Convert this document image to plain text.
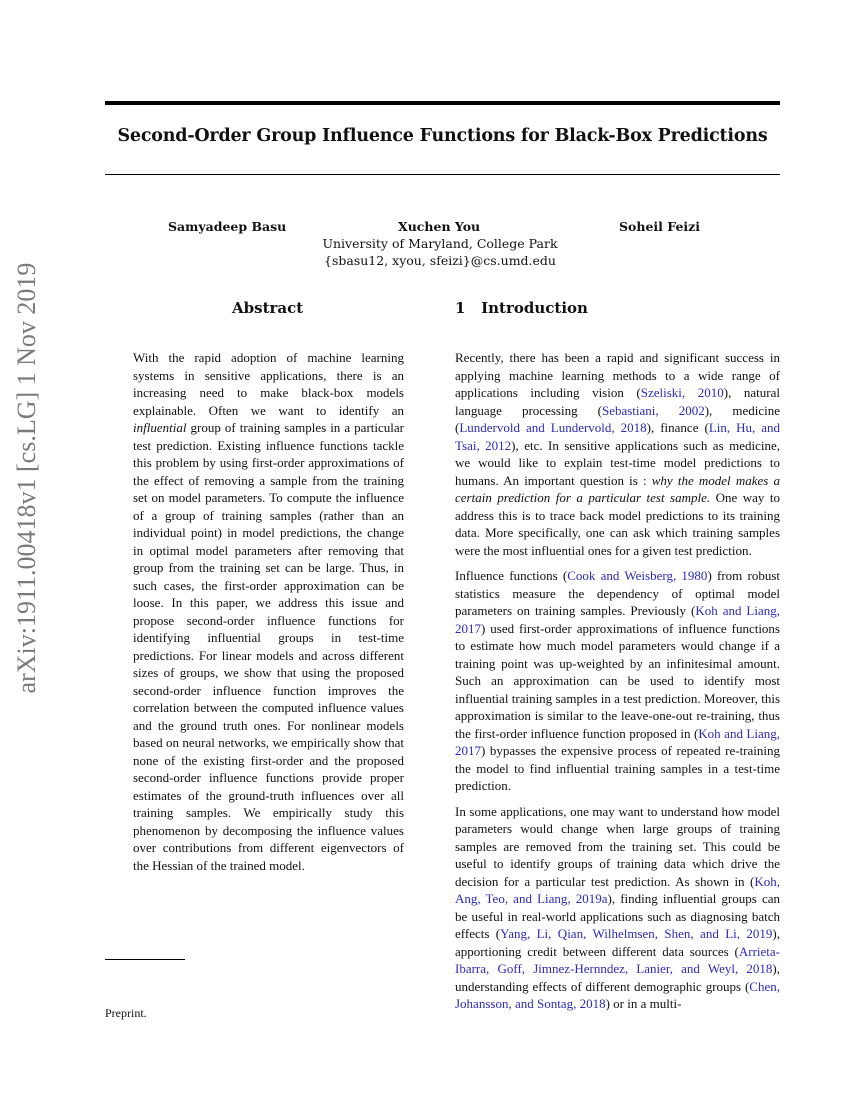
arXiv:1911.00418v1 [cs.LG] 1 Nov 2019
Second-Order Group Influence Functions for Black-Box Predictions
Samyadeep Basu	Xuchen You	Soheil Feizi
University of Maryland, College Park
{sbasu12, xyou, sfeizi}@cs.umd.edu
Abstract	1   Introduction

With the rapid adoption of machine learning systems in sensitive applications, there is an increasing need to make black-box models explainable. Often we want to identify an influential group of training samples in a particular test prediction. Existing influence functions tackle this problem by using first-order approximations of the effect of removing a sample from the training set on model parameters. To compute the influence of a group of training samples (rather than an individual point) in model predictions, the change in optimal model parameters after removing that group from the training set can be large. Thus, in such cases, the first-order approximation can be loose. In this paper, we address this issue and propose second-order influence functions for identifying influential groups in test-time predictions. For linear models and across different sizes of groups, we show that using the proposed second-order influence function improves the correlation between the computed influence values and the ground truth ones. For nonlinear models based on neural networks, we empirically show that none of the existing first-order and the proposed second-order influence functions provide proper estimates of the ground-truth influences over all training samples. We empirically study this phenomenon by decomposing the influence values over contributions from different eigenvectors of the Hessian of the trained model.

Recently, there has been a rapid and significant success in applying machine learning methods to a wide range of applications including vision (Szeliski, 2010), natural language processing (Sebastiani, 2002), medicine (Lundervold and Lundervold, 2018), finance (Lin, Hu, and Tsai, 2012), etc. In sensitive applications such as medicine, we would like to explain test-time model predictions to humans. An important question is : why the model makes a certain prediction for a particular test sample. One way to address this is to trace back model predictions to its training data. More specifically, one can ask which training samples were the most influential ones for a given test prediction.

Influence functions (Cook and Weisberg, 1980) from robust statistics measure the dependency of optimal model parameters on training samples. Previously (Koh and Liang, 2017) used first-order approximations of influence functions to estimate how much model parameters would change if a training point was up-weighted by an infinitesimal amount. Such an approximation can be used to identify most influential training samples in a test prediction. Moreover, this approximation is similar to the leave-one-out re-training, thus the first-order influence function proposed in (Koh and Liang, 2017) bypasses the expensive process of repeated re-training the model to find influential training samples in a test-time prediction.

In some applications, one may want to understand how model parameters would change when large groups of training samples are removed from the training set. This could be useful to identify groups of training data which drive the decision for a particular test prediction. As shown in (Koh, Ang, Teo, and Liang, 2019a), finding influential groups can be useful in real-world applications such as diagnosing batch effects (Yang, Li, Qian, Wilhelmsen, Shen, and Li, 2019), apportioning credit between different data sources (Arrieta-Ibarra, Goff, Jimnez-Hernndez, Lanier, and Weyl, 2018), understanding effects of different demographic groups (Chen, Johansson, and Sontag, 2018) or in a multi-

Preprint.
